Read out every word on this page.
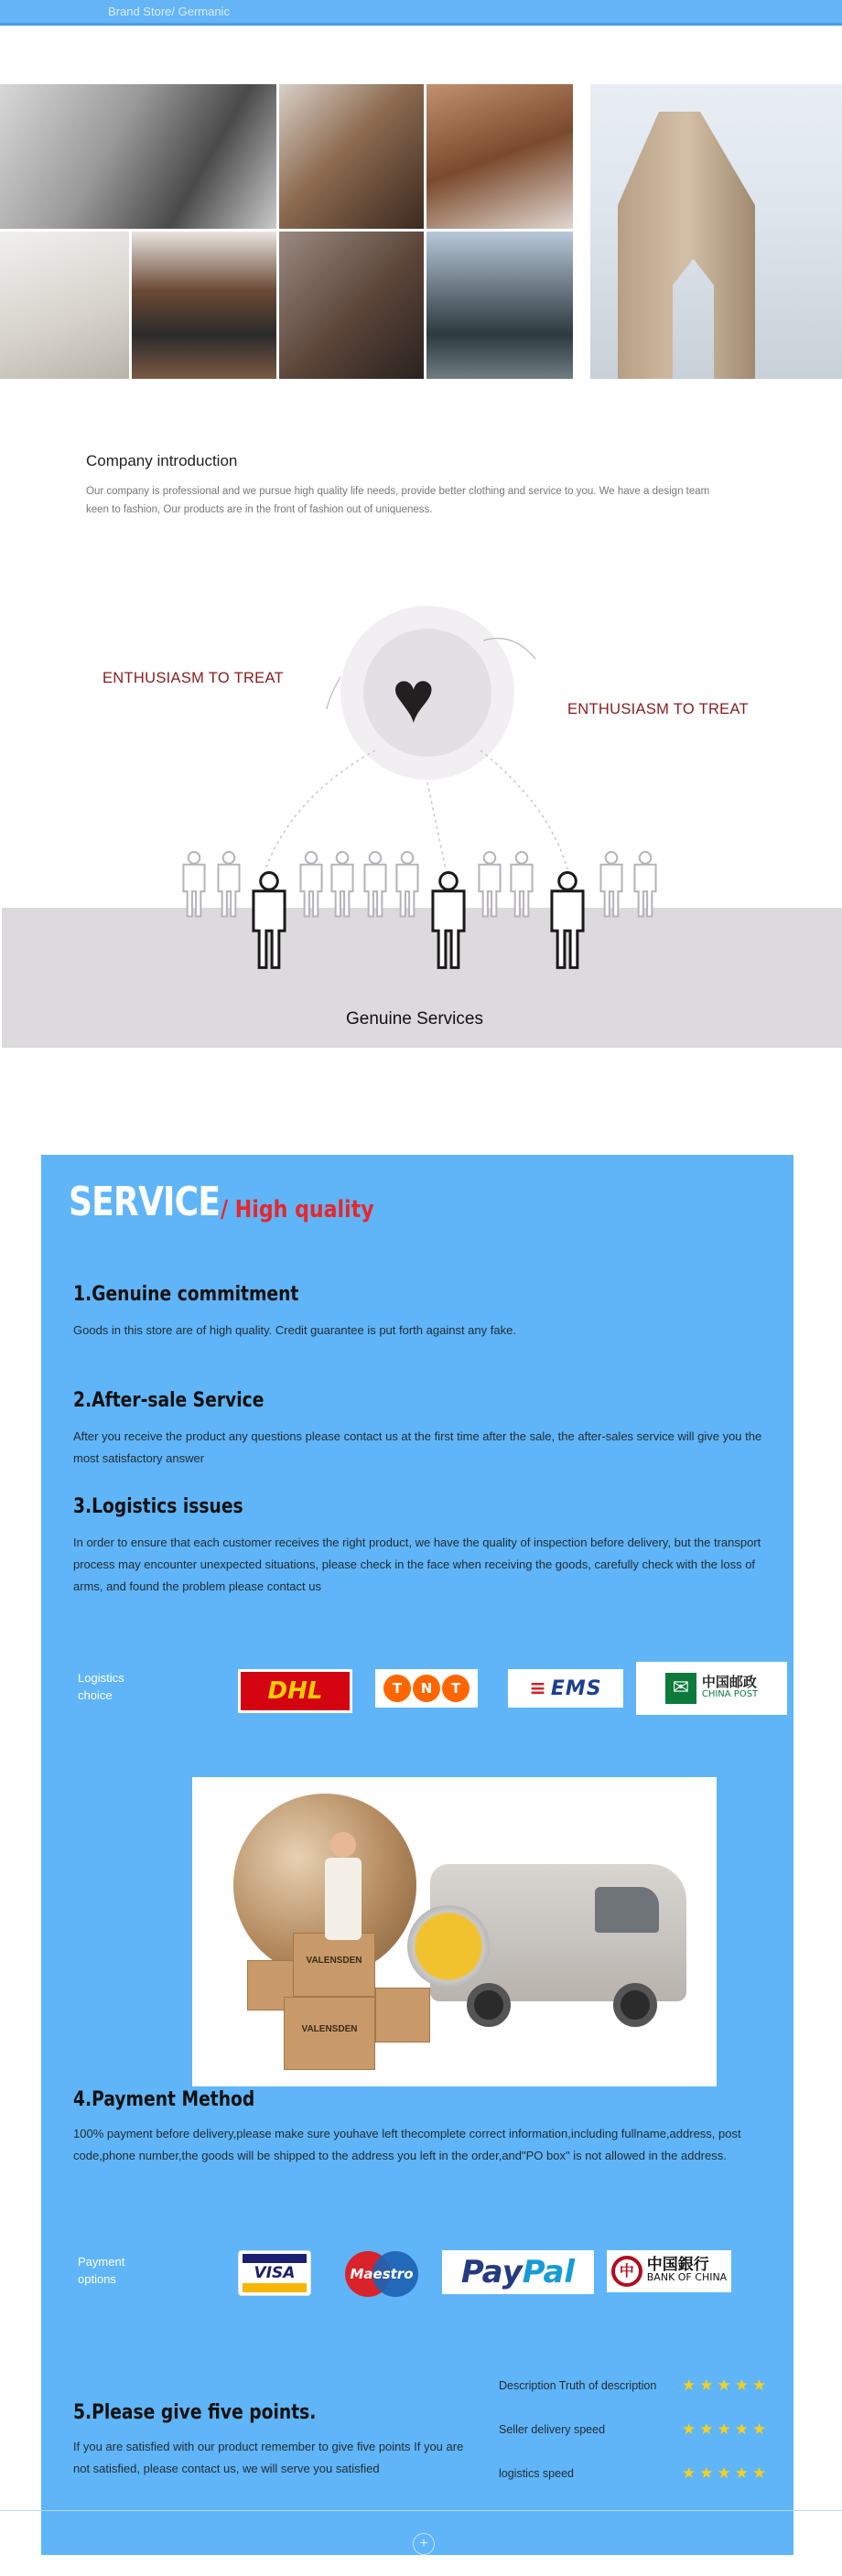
Brand Store/ Germanic
Company introduction
Our company is professional and we pursue high quality life needs, provide better clothing and service to you. We have a design team keen to fashion, Our products are in the front of fashion out of uniqueness.
♥
ENTHUSIASM TO TREAT
ENTHUSIASM TO TREAT
Genuine Services
SERVICE / High quality
1.Genuine commitment
Goods in this store are of high quality. Credit guarantee is put forth against any fake.
2.After-sale Service
After you receive the product any questions please contact us at the first time after the sale, the after-sales service will give you the most satisfactory answer
3.Logistics issues
In order to ensure that each customer receives the right product, we have the quality of inspection before delivery, but the transport process may encounter unexpected situations, please check in the face when receiving the goods, carefully check with the loss of arms, and found the problem please contact us
Logistics
choice	DHL	T	N	T	≡ EMS	✉ 中国邮政
CHINA POST
VALENSDEN
VALENSDEN
4.Payment Method
100% payment before delivery,please make sure youhave left thecomplete correct information,including fullname,address, post code,phone number,the goods will be shipped to the address you left in the order,and"PO box" is not allowed in the address.
Payment
options	VISA	Maestro Pay Pal	中 中国銀行
BANK OF CHINA
Description Truth of description ★★★★★
Seller delivery speed	★★★★★
logistics speed	★★★★★
5.Please give five points.
If you are satisfied with our product remember to give five points If you are not satisfied, please contact us, we will serve you satisfied
+
